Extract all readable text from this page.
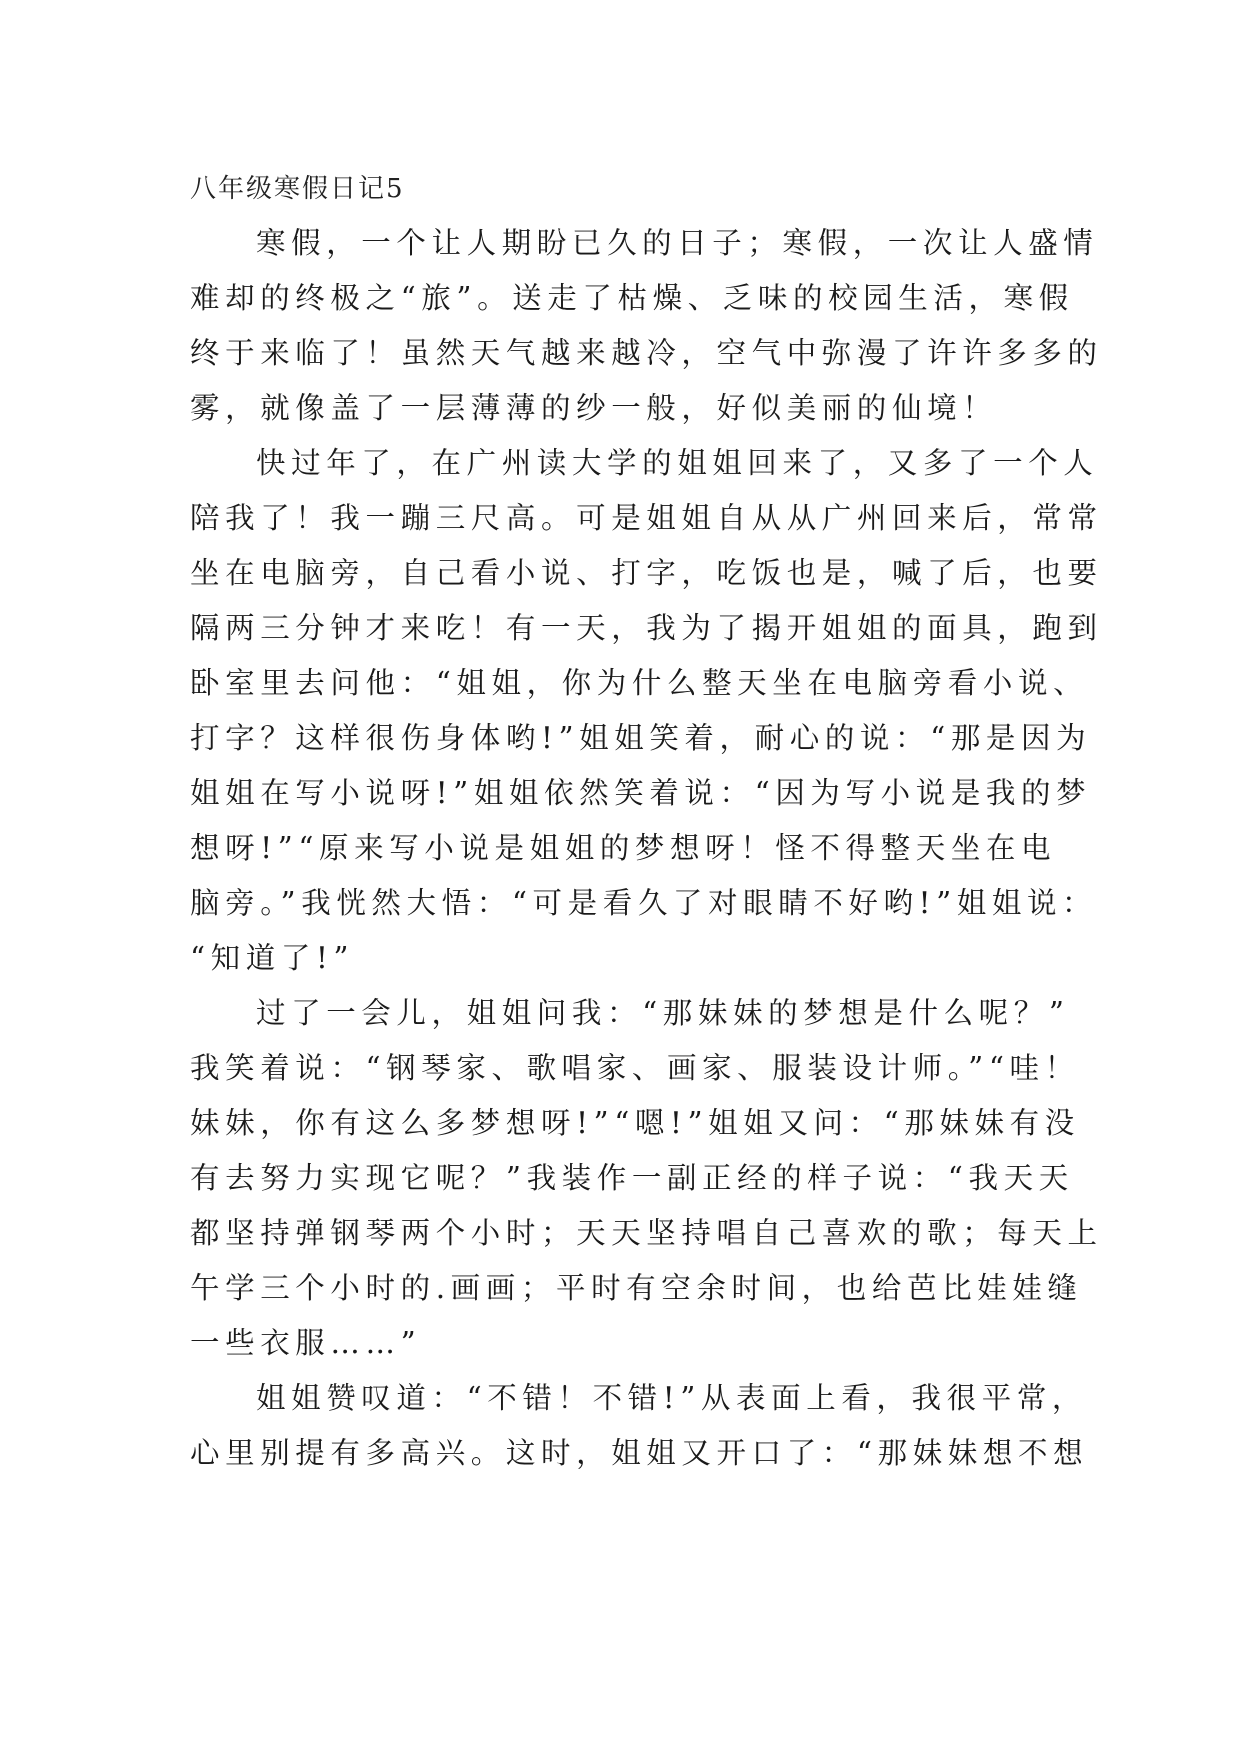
八年级寒假日记5
寒假，一个让人期盼已久的日子；寒假，一次让人盛情
难却的终极之“旅”。送走了枯燥、乏味的校园生活，寒假
终于来临了！虽然天气越来越冷，空气中弥漫了许许多多的
雾，就像盖了一层薄薄的纱一般，好似美丽的仙境！
快过年了，在广州读大学的姐姐回来了，又多了一个人
陪我了！我一蹦三尺高。可是姐姐自从从广州回来后，常常
坐在电脑旁，自己看小说、打字，吃饭也是，喊了后，也要
隔两三分钟才来吃！有一天，我为了揭开姐姐的面具，跑到
卧室里去问他：“姐姐，你为什么整天坐在电脑旁看小说、
打字？这样很伤身体哟!”姐姐笑着，耐心的说：“那是因为
姐姐在写小说呀!”姐姐依然笑着说：“因为写小说是我的梦
想呀!”“原来写小说是姐姐的梦想呀！怪不得整天坐在电
脑旁。”我恍然大悟：“可是看久了对眼睛不好哟!”姐姐说：
“知道了!”
过了一会儿，姐姐问我：“那妹妹的梦想是什么呢？”
我笑着说：“钢琴家、歌唱家、画家、服装设计师。”“哇！
妹妹，你有这么多梦想呀!”“嗯!”姐姐又问：“那妹妹有没
有去努力实现它呢？”我装作一副正经的样子说：“我天天
都坚持弹钢琴两个小时；天天坚持唱自己喜欢的歌；每天上
午学三个小时的.画画；平时有空余时间，也给芭比娃娃缝
一些衣服……”
姐姐赞叹道：“不错！不错!”从表面上看，我很平常，
心里别提有多高兴。这时，姐姐又开口了：“那妹妹想不想
